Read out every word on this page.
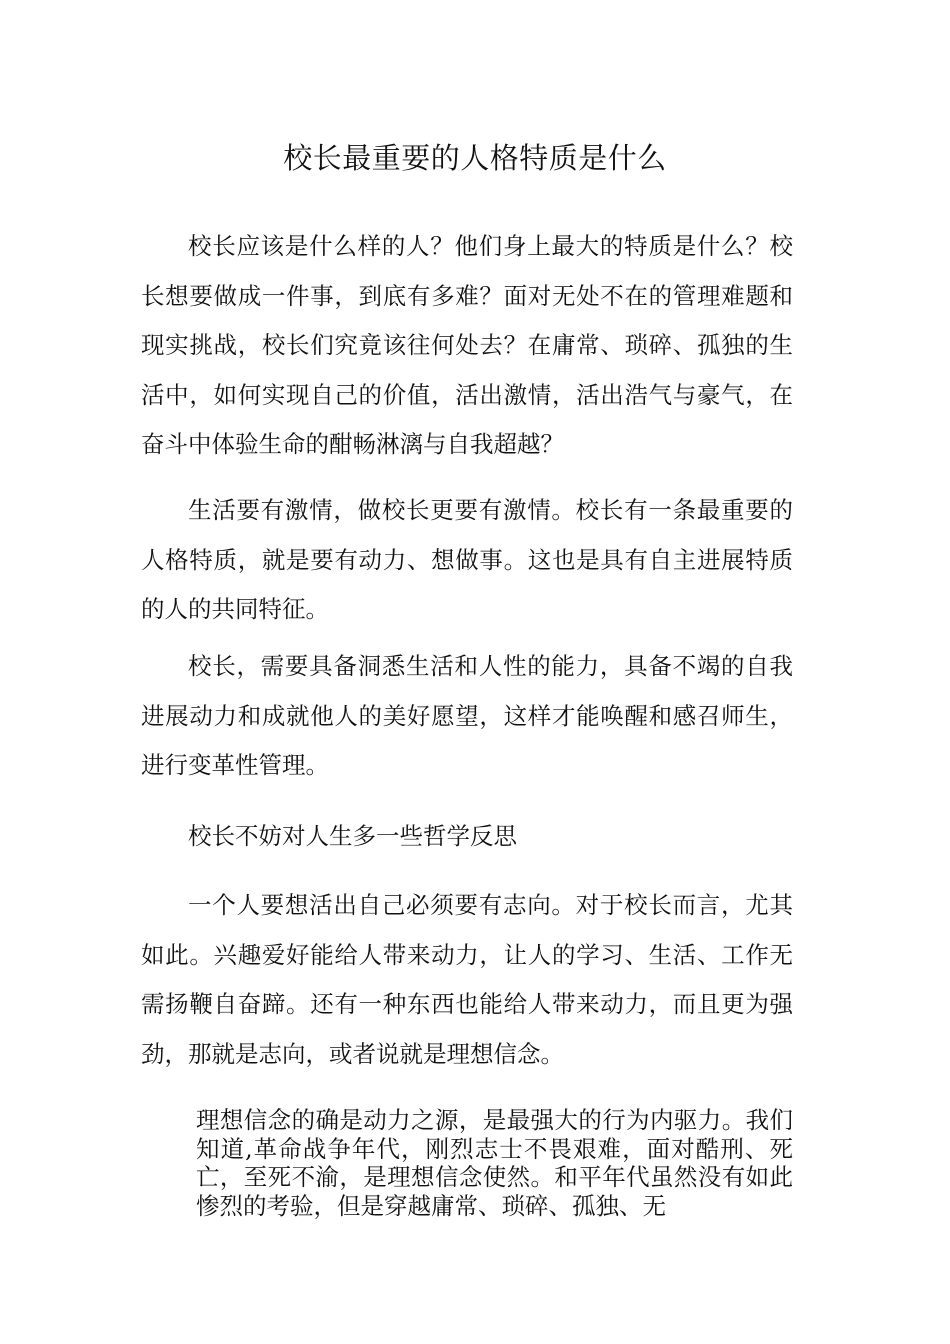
校长最重要的人格特质是什么

校长应该是什么样的人？他们身上最大的特质是什么？校长想要做成一件事，到底有多难？面对无处不在的管理难题和现实挑战，校长们究竟该往何处去？在庸常、琐碎、孤独的生活中，如何实现自己的价值，活出激情，活出浩气与豪气，在奋斗中体验生命的酣畅淋漓与自我超越？

生活要有激情，做校长更要有激情。校长有一条最重要的人格特质，就是要有动力、想做事。这也是具有自主进展特质的人的共同特征。

校长，需要具备洞悉生活和人性的能力，具备不竭的自我进展动力和成就他人的美好愿望，这样才能唤醒和感召师生，进行变革性管理。

校长不妨对人生多一些哲学反思

一个人要想活出自己必须要有志向。对于校长而言，尤其如此。兴趣爱好能给人带来动力，让人的学习、生活、工作无需扬鞭自奋蹄。还有一种东西也能给人带来动力，而且更为强劲，那就是志向，或者说就是理想信念。

理想信念的确是动力之源，是最强大的行为内驱力。我们知道,革命战争年代，刚烈志士不畏艰难，面对酷刑、死亡，至死不渝，是理想信念使然。和平年代虽然没有如此惨烈的考验，但是穿越庸常、琐碎、孤独、无
